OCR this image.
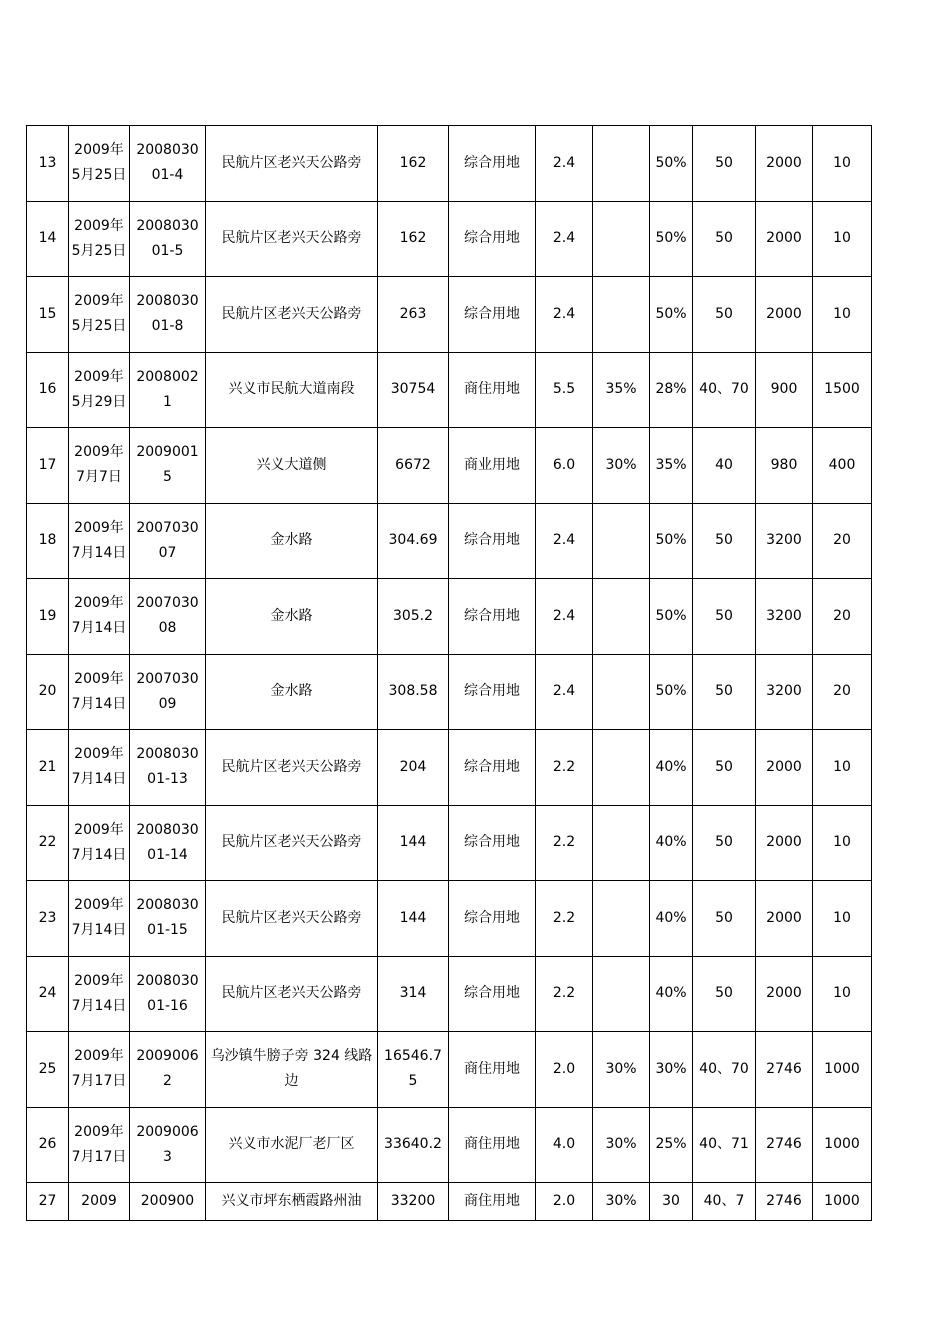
13	2009年5月25日	200803001-4	民航片区老兴天公路旁	162	综合用地	2.4		50%	50	2000	10
14	2009年5月25日	200803001-5	民航片区老兴天公路旁	162	综合用地	2.4		50%	50	2000	10
15	2009年5月25日	200803001-8	民航片区老兴天公路旁	263	综合用地	2.4		50%	50	2000	10
16	2009年5月29日	20080021	兴义市民航大道南段	30754	商住用地	5.5	35%	28%	40、70	900	1500
17	2009年7月7日	20090015	兴义大道侧	6672	商业用地	6.0	30%	35%	40	980	400
18	2009年7月14日	200703007	金水路	304.69	综合用地	2.4		50%	50	3200	20
19	2009年7月14日	200703008	金水路	305.2	综合用地	2.4		50%	50	3200	20
20	2009年7月14日	200703009	金水路	308.58	综合用地	2.4		50%	50	3200	20
21	2009年7月14日	200803001-13	民航片区老兴天公路旁	204	综合用地	2.2		40%	50	2000	10
22	2009年7月14日	200803001-14	民航片区老兴天公路旁	144	综合用地	2.2		40%	50	2000	10
23	2009年7月14日	200803001-15	民航片区老兴天公路旁	144	综合用地	2.2		40%	50	2000	10
24	2009年7月14日	200803001-16	民航片区老兴天公路旁	314	综合用地	2.2		40%	50	2000	10
25	2009年7月17日	20090062	乌沙镇牛膀子旁 324 线路边	16546.75	商住用地	2.0	30%	30%	40、70	2746	1000
26	2009年7月17日	20090063	兴义市水泥厂老厂区	33640.2	商住用地	4.0	30%	25%	40、71	2746	1000
27	2009	200900	兴义市坪东栖霞路州油	33200	商住用地	2.0	30%	30	40、7	2746	1000
